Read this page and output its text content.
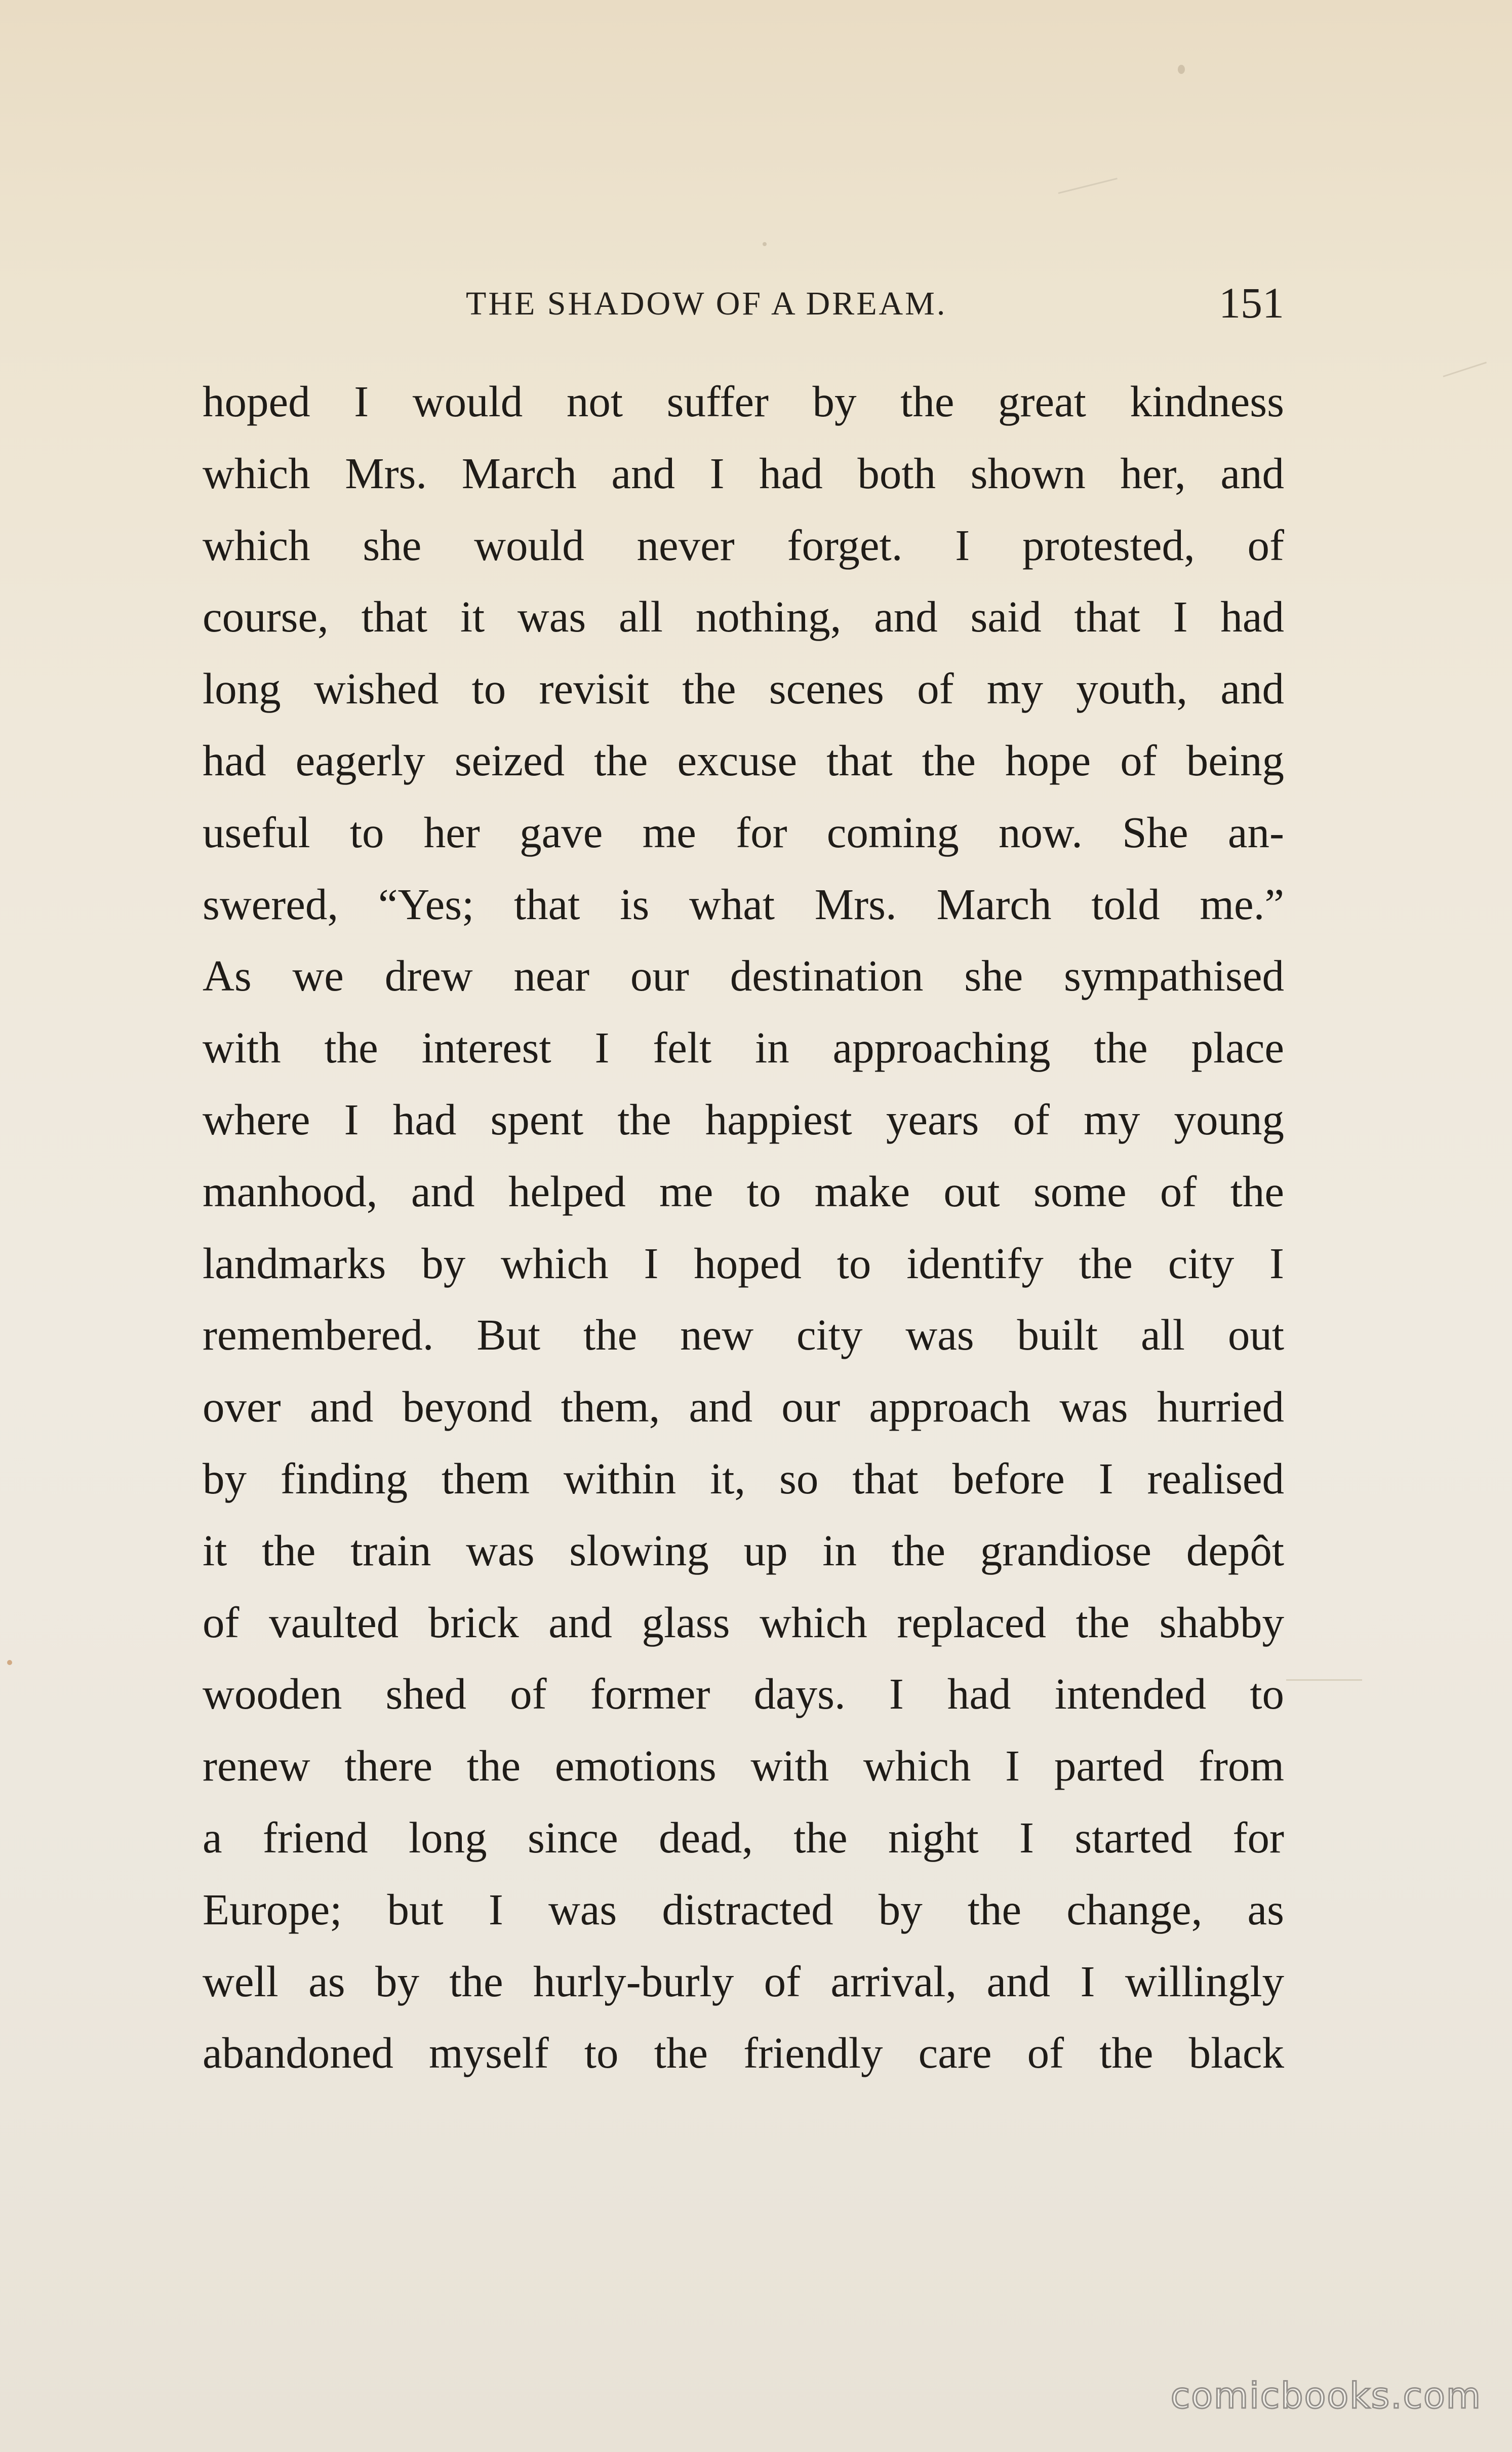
THE SHADOW OF A DREAM.	151
hoped I would not suffer by the great kindness
which Mrs. March and I had both shown her, and
which she would never forget. I protested, of
course, that it was all nothing, and said that I had
long wished to revisit the scenes of my youth, and
had eagerly seized the excuse that the hope of being
useful to her gave me for coming now. She an-
swered, “Yes; that is what Mrs. March told me.”
As we drew near our destination she sympathised
with the interest I felt in approaching the place
where I had spent the happiest years of my young
manhood, and helped me to make out some of the
landmarks by which I hoped to identify the city I
remembered. But the new city was built all out
over and beyond them, and our approach was hurried
by finding them within it, so that before I realised
it the train was slowing up in the grandiose depôt
of vaulted brick and glass which replaced the shabby
wooden shed of former days. I had intended to
renew there the emotions with which I parted from
a friend long since dead, the night I started for
Europe; but I was distracted by the change, as
well as by the hurly-burly of arrival, and I willingly
abandoned myself to the friendly care of the black
comicbooks.com
